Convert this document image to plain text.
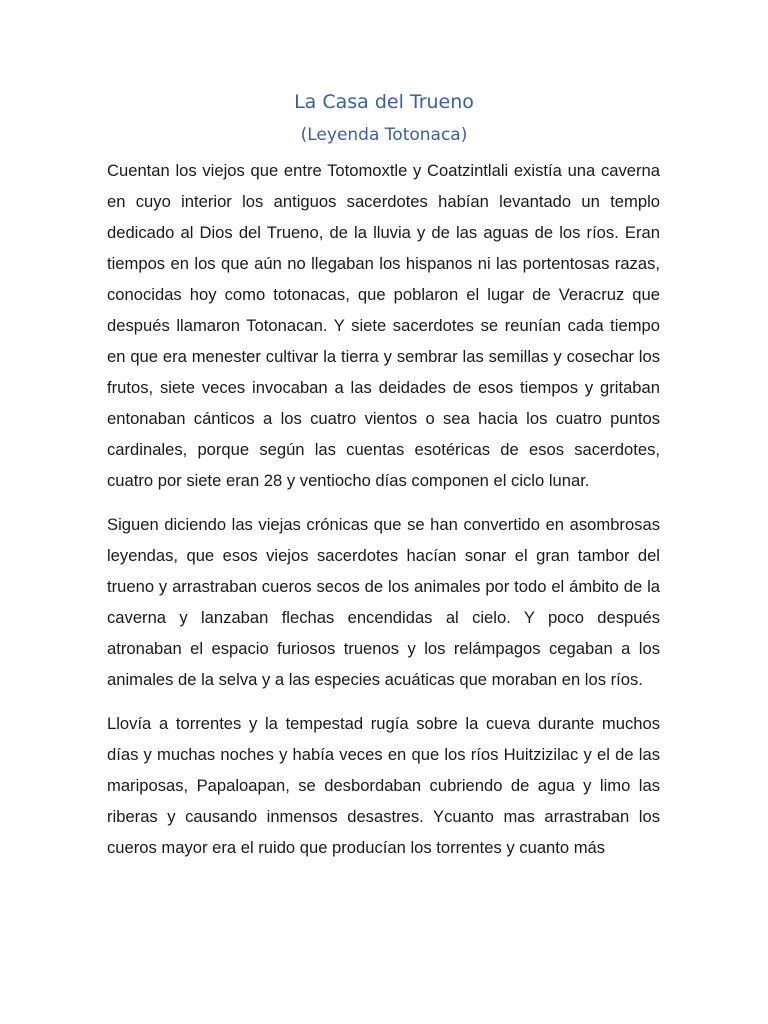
La Casa del Trueno
(Leyenda Totonaca)

Cuentan los viejos que entre Totomoxtle y Coatzintlali existía una caverna en cuyo interior los antiguos sacerdotes habían levantado un templo dedicado al Dios del Trueno, de la lluvia y de las aguas de los ríos. Eran tiempos en los que aún no llegaban los hispanos ni las portentosas razas, conocidas hoy como totonacas, que poblaron el lugar de Veracruz que después llamaron Totonacan. Y siete sacerdotes se reunían cada tiempo en que era menester cultivar la tierra y sembrar las semillas y cosechar los frutos, siete veces invocaban a las deidades de esos tiempos y gritaban entonaban cánticos a los cuatro vientos o sea hacia los cuatro puntos cardinales, porque según las cuentas esotéricas de esos sacerdotes, cuatro por siete eran 28 y ventiocho días componen el ciclo lunar.

Siguen diciendo las viejas crónicas que se han convertido en asombrosas leyendas, que esos viejos sacerdotes hacían sonar el gran tambor del trueno y arrastraban cueros secos de los animales por todo el ámbito de la caverna y lanzaban flechas encendidas al cielo. Y poco después atronaban el espacio furiosos truenos y los relámpagos cegaban a los animales de la selva y a las especies acuáticas que moraban en los ríos.

Llovía a torrentes y la tempestad rugía sobre la cueva durante muchos días y muchas noches y había veces en que los ríos Huitzizilac y el de las mariposas, Papaloapan, se desbordaban cubriendo de agua y limo las riberas y causando inmensos desastres. Ycuanto mas arrastraban los cueros mayor era el ruido que producían los torrentes y cuanto más
